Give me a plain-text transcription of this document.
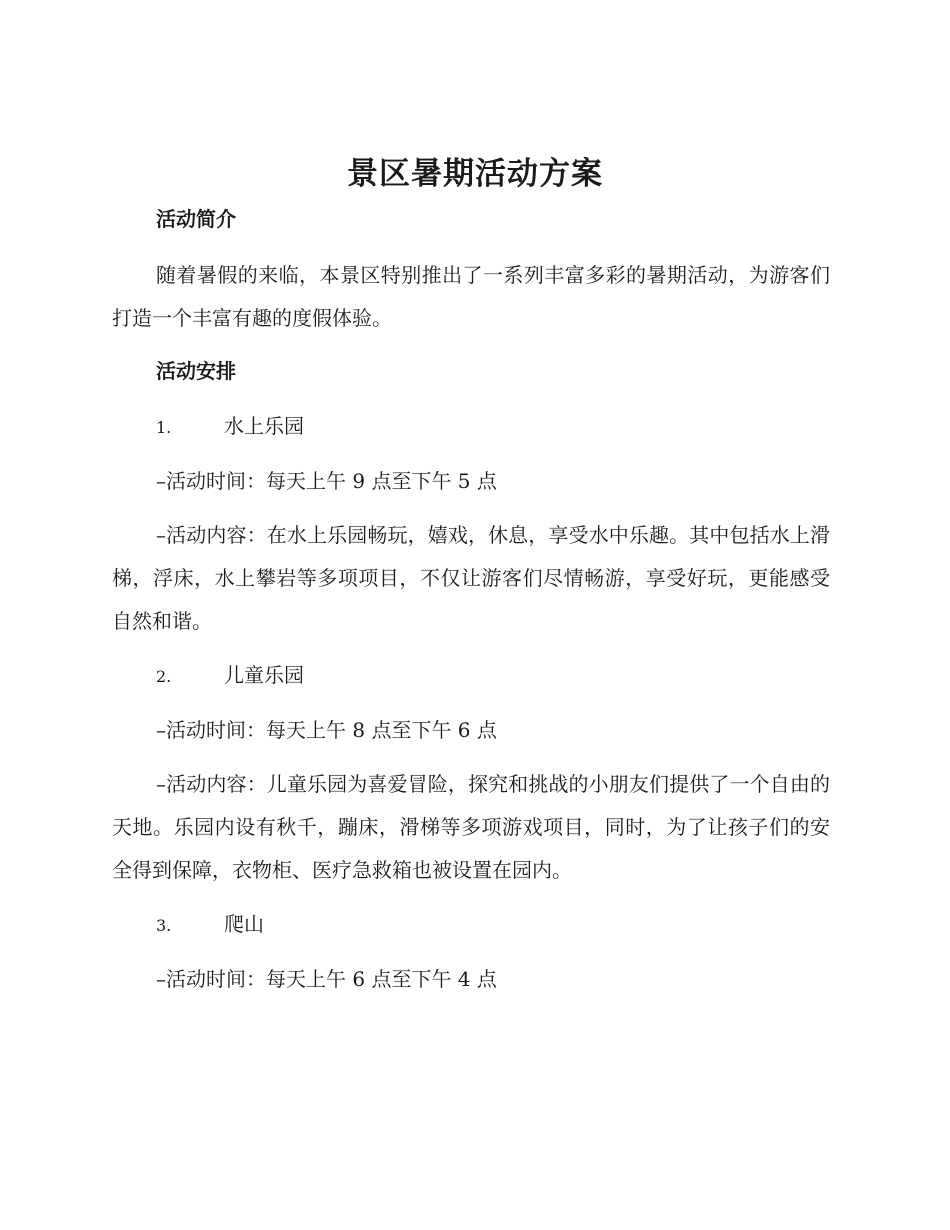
景区暑期活动方案
活动简介

随着暑假的来临，本景区特别推出了一系列丰富多彩的暑期活动，为游客们打造一个丰富有趣的度假体验。

活动安排
1.	水上乐园

–活动时间：每天上午 9 点至下午 5 点

–活动内容：在水上乐园畅玩，嬉戏，休息，享受水中乐趣。其中包括水上滑梯，浮床，水上攀岩等多项项目，不仅让游客们尽情畅游，享受好玩，更能感受自然和谐。

2.	儿童乐园

–活动时间：每天上午 8 点至下午 6 点

–活动内容：儿童乐园为喜爱冒险，探究和挑战的小朋友们提供了一个自由的天地。乐园内设有秋千，蹦床，滑梯等多项游戏项目，同时，为了让孩子们的安全得到保障，衣物柜、医疗急救箱也被设置在园内。

3.	爬山

–活动时间：每天上午 6 点至下午 4 点
